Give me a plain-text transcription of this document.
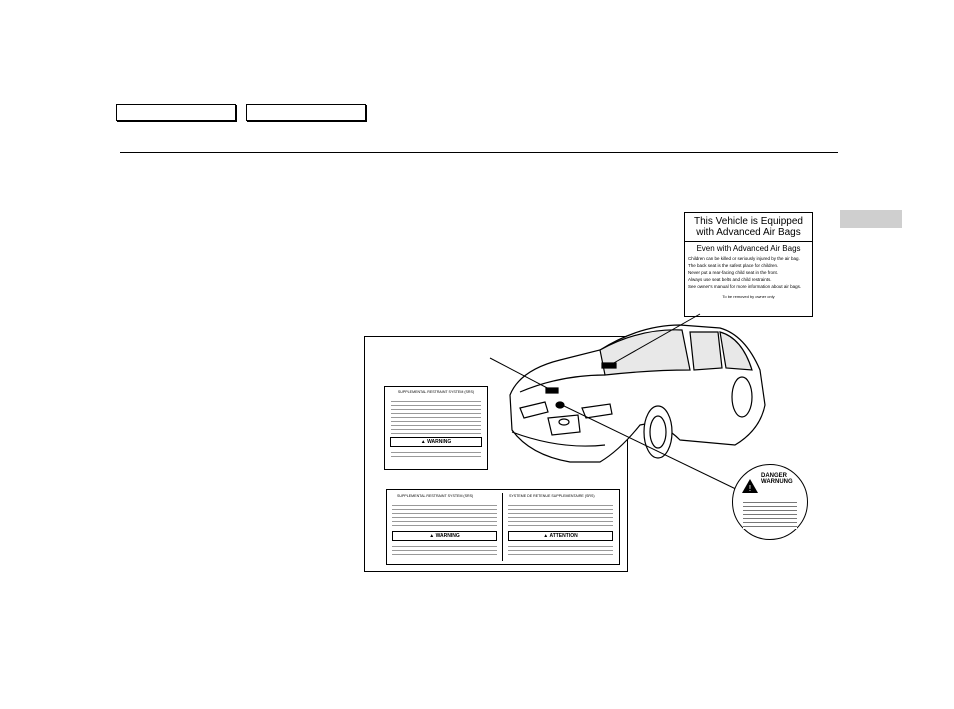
This Vehicle is Equipped with Advanced Air Bags
Even with Advanced Air Bags
Children can be killed or seriously injured by the air bag.
The back seat is the safest place for children.
Never put a rear-facing child seat in the front.
Always use seat belts and child restraints.
See owner's manual for more information about air bags.
To be removed by owner only
SUPPLEMENTAL RESTRAINT SYSTEM (SRS)
▲ WARNING
SUPPLEMENTAL RESTRAINT SYSTEM (SRS)	SYSTEME DE RETENUE SUPPLEMENTAIRE (SRS)
▲ WARNING	▲ ATTENTION
!
DANGER
WARNUNG
